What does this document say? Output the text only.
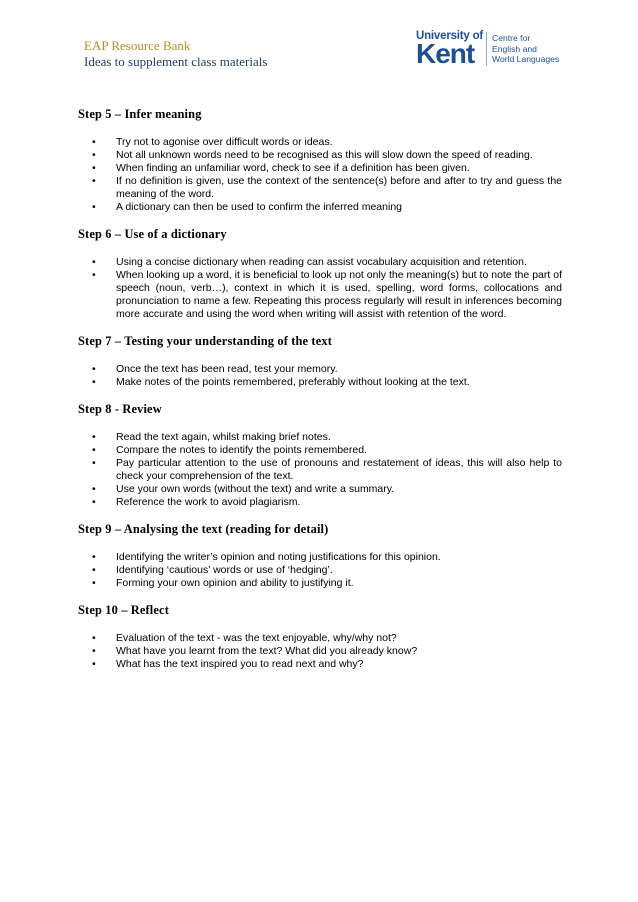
EAP Resource Bank
Ideas to supplement class materials
University of
Kent Centre for
English and
World Languages
Step 5 – Infer meaning
• Try not to agonise over difficult words or ideas.
• Not all unknown words need to be recognised as this will slow down the speed of reading.
• When finding an unfamiliar word, check to see if a definition has been given.
• If no definition is given, use the context of the sentence(s) before and after to try and guess the meaning of the word.
• A dictionary can then be used to confirm the inferred meaning
Step 6 – Use of a dictionary
• Using a concise dictionary when reading can assist vocabulary acquisition and retention.
• When looking up a word, it is beneficial to look up not only the meaning(s) but to note the part of speech (noun, verb…), context in which it is used, spelling, word forms, collocations and pronunciation to name a few. Repeating this process regularly will result in inferences becoming more accurate and using the word when writing will assist with retention of the word.
Step 7 – Testing your understanding of the text
• Once the text has been read, test your memory.
• Make notes of the points remembered, preferably without looking at the text.
Step 8 - Review
• Read the text again, whilst making brief notes.
• Compare the notes to identify the points remembered.
• Pay particular attention to the use of pronouns and restatement of ideas, this will also help to check your comprehension of the text.
• Use your own words (without the text) and write a summary.
• Reference the work to avoid plagiarism.
Step 9 – Analysing the text (reading for detail)
• Identifying the writer’s opinion and noting justifications for this opinion.
• Identifying ‘cautious’ words or use of ‘hedging’.
• Forming your own opinion and ability to justifying it.
Step 10 – Reflect
• Evaluation of the text - was the text enjoyable, why/why not?
• What have you learnt from the text? What did you already know?
• What has the text inspired you to read next and why?
